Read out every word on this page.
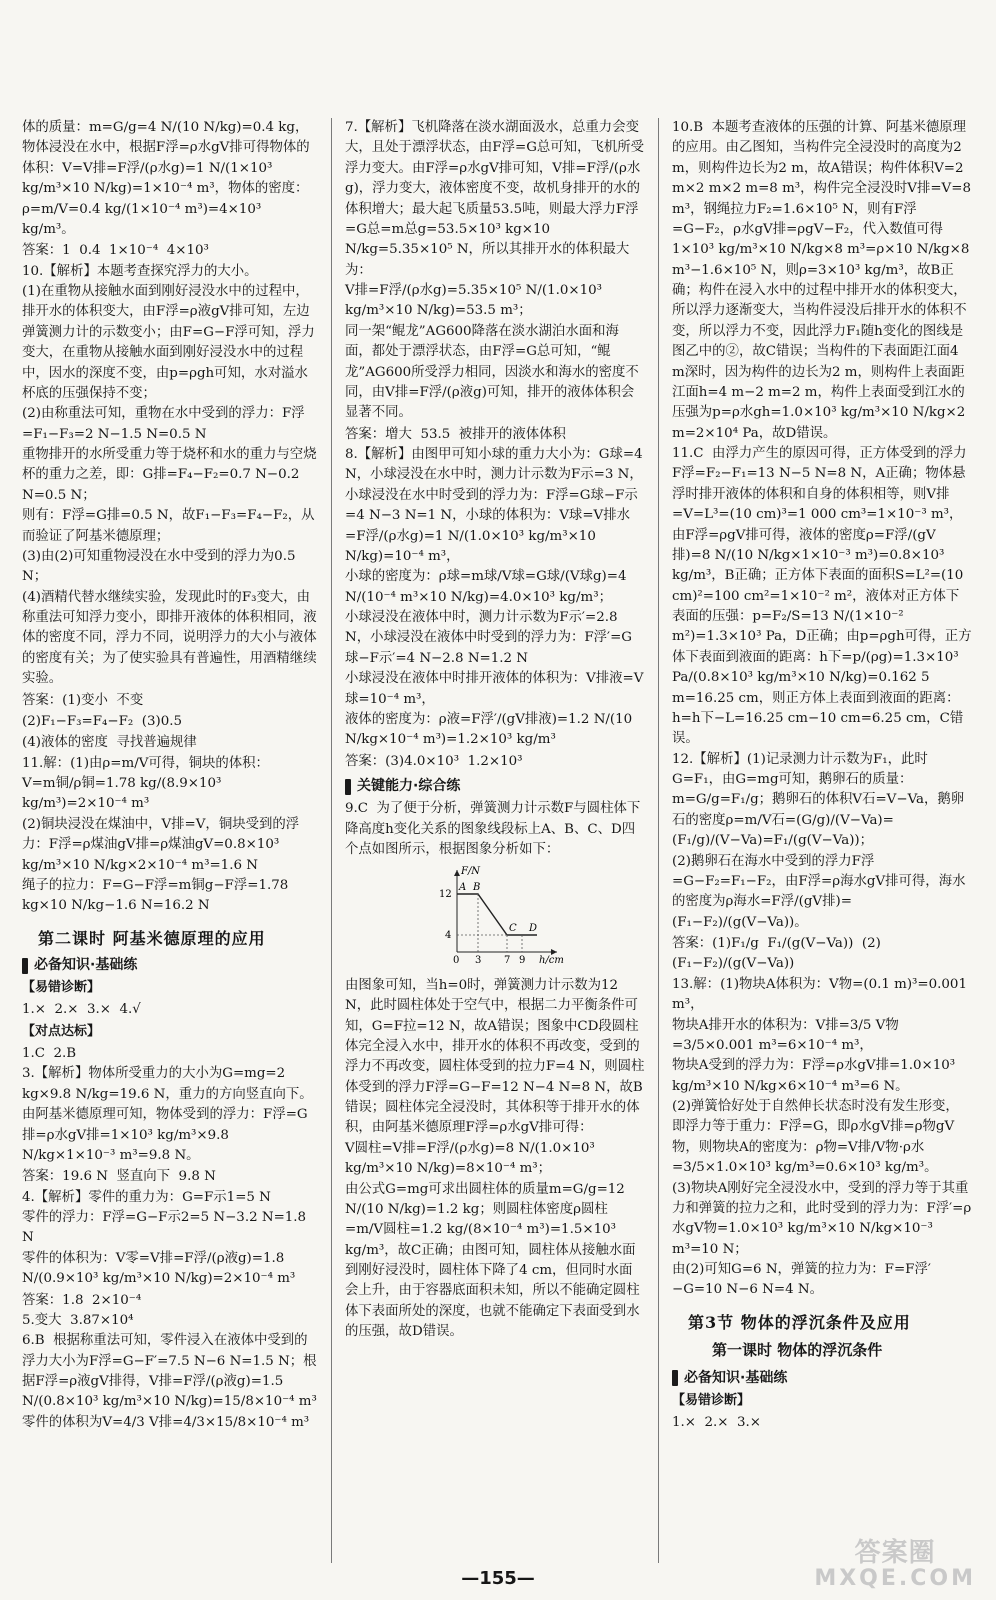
体的质量：m=G/g=4 N/(10 N/kg)=0.4 kg，物体浸没在水中，根据F浮=ρ水gV排可得物体的体积：V=V排=F浮/(ρ水g)=1 N/(1×10³ kg/m³×10 N/kg)=1×10⁻⁴ m³，物体的密度：ρ=m/V=0.4 kg/(1×10⁻⁴ m³)=4×10³ kg/m³。

答案：1  0.4  1×10⁻⁴  4×10³

10.【解析】本题考查探究浮力的大小。

(1)在重物从接触水面到刚好浸没水中的过程中，排开水的体积变大，由F浮=ρ液gV排可知，左边弹簧测力计的示数变小；由F=G−F浮可知，浮力变大，在重物从接触水面到刚好浸没水中的过程中，因水的深度不变，由p=ρgh可知，水对溢水杯底的压强保持不变；

(2)由称重法可知，重物在水中受到的浮力：F浮=F₁−F₃=2 N−1.5 N=0.5 N

重物排开的水所受重力等于烧杯和水的重力与空烧杯的重力之差，即：G排=F₄−F₂=0.7 N−0.2 N=0.5 N；

则有：F浮=G排=0.5 N，故F₁−F₃=F₄−F₂，从而验证了阿基米德原理；

(3)由(2)可知重物浸没在水中受到的浮力为0.5 N；

(4)酒精代替水继续实验，发现此时的F₃变大，由称重法可知浮力变小，即排开液体的体积相同，液体的密度不同，浮力不同，说明浮力的大小与液体的密度有关；为了使实验具有普遍性，用酒精继续实验。

答案：(1)变小  不变

(2)F₁−F₃=F₄−F₂  (3)0.5

(4)液体的密度  寻找普遍规律

11.解：(1)由ρ=m/V可得，铜块的体积：

V=m铜/ρ铜=1.78 kg/(8.9×10³ kg/m³)=2×10⁻⁴ m³

(2)铜块浸没在煤油中，V排=V，铜块受到的浮力：F浮=ρ煤油gV排=ρ煤油gV=0.8×10³ kg/m³×10 N/kg×2×10⁻⁴ m³=1.6 N

绳子的拉力：F=G−F浮=m铜g−F浮=1.78 kg×10 N/kg−1.6 N=16.2 N

第二课时 阿基米德原理的应用
必备知识·基础练
【易错诊断】

1.×  2.×  3.×  4.√

【对点达标】

1.C  2.B

3.【解析】物体所受重力的大小为G=mg=2 kg×9.8 N/kg=19.6 N，重力的方向竖直向下。由阿基米德原理可知，物体受到的浮力：F浮=G排=ρ水gV排=1×10³ kg/m³×9.8 N/kg×1×10⁻³ m³=9.8 N。

答案：19.6 N  竖直向下  9.8 N

4.【解析】零件的重力为：G=F示1=5 N

零件的浮力：F浮=G−F示2=5 N−3.2 N=1.8 N

零件的体积为：V零=V排=F浮/(ρ液g)=1.8 N/(0.9×10³ kg/m³×10 N/kg)=2×10⁻⁴ m³

答案：1.8  2×10⁻⁴

5.变大  3.87×10⁴

6.B  根据称重法可知，零件浸入在液体中受到的浮力大小为F浮=G−F′=7.5 N−6 N=1.5 N；根据F浮=ρ液gV排得，V排=F浮/(ρ液g)=1.5 N/(0.8×10³ kg/m³×10 N/kg)=15/8×10⁻⁴ m³

零件的体积为V=4/3 V排=4/3×15/8×10⁻⁴ m³

7.【解析】飞机降落在淡水湖面汲水，总重力会变大，且处于漂浮状态，由F浮=G总可知，飞机所受浮力变大。由F浮=ρ水gV排可知，V排=F浮/(ρ水g)，浮力变大，液体密度不变，故机身排开的水的体积增大；最大起飞质量53.5吨，则最大浮力F浮=G总=m总g=53.5×10³ kg×10 N/kg=5.35×10⁵ N，所以其排开水的体积最大为：

V排=F浮/(ρ水g)=5.35×10⁵ N/(1.0×10³ kg/m³×10 N/kg)=53.5 m³；

同一架“鲲龙”AG600降落在淡水湖泊水面和海面，都处于漂浮状态，由F浮=G总可知，“鲲龙”AG600所受浮力相同，因淡水和海水的密度不同，由V排=F浮/(ρ液g)可知，排开的液体体积会显著不同。

答案：增大  53.5  被排开的液体体积

8.【解析】由图甲可知小球的重力大小为：G球=4 N，小球浸没在水中时，测力计示数为F示=3 N，

小球浸没在水中时受到的浮力为：F浮=G球−F示=4 N−3 N=1 N，小球的体积为：V球=V排水=F浮/(ρ水g)=1 N/(1.0×10³ kg/m³×10 N/kg)=10⁻⁴ m³，

小球的密度为：ρ球=m球/V球=G球/(V球g)=4 N/(10⁻⁴ m³×10 N/kg)=4.0×10³ kg/m³；

小球浸没在液体中时，测力计示数为F示′=2.8 N，小球浸没在液体中时受到的浮力为：F浮′=G球−F示′=4 N−2.8 N=1.2 N

小球浸没在液体中时排开液体的体积为：V排液=V球=10⁻⁴ m³，

液体的密度为：ρ液=F浮′/(gV排液)=1.2 N/(10 N/kg×10⁻⁴ m³)=1.2×10³ kg/m³

答案：(3)4.0×10³  1.2×10³

关键能力·综合练

9.C  为了便于分析，弹簧测力计示数F与圆柱体下降高度h变化关系的图象线段标上A、B、C、D四个点如图所示，根据图象分析如下：

F/N
h/cm
12
4
0 3 7 9
A B
C D

由图象可知，当h=0时，弹簧测力计示数为12 N，此时圆柱体处于空气中，根据二力平衡条件可知，G=F拉=12 N，故A错误；图象中CD段圆柱体完全浸入水中，排开水的体积不再改变，受到的浮力不再改变，圆柱体受到的拉力F=4 N，则圆柱体受到的浮力F浮=G−F=12 N−4 N=8 N，故B错误；圆柱体完全浸没时，其体积等于排开水的体积，由阿基米德原理F浮=ρ水gV排可得：

V圆柱=V排=F浮/(ρ水g)=8 N/(1.0×10³ kg/m³×10 N/kg)=8×10⁻⁴ m³；

由公式G=mg可求出圆柱体的质量m=G/g=12 N/(10 N/kg)=1.2 kg；则圆柱体密度ρ圆柱=m/V圆柱=1.2 kg/(8×10⁻⁴ m³)=1.5×10³ kg/m³，故C正确；由图可知，圆柱体从接触水面到刚好浸没时，圆柱体下降了4 cm，但同时水面会上升，由于容器底面积未知，所以不能确定圆柱体下表面所处的深度，也就不能确定下表面受到水的压强，故D错误。

10.B  本题考查液体的压强的计算、阿基米德原理的应用。由乙图知，当构件完全浸没时的高度为2 m，则构件边长为2 m，故A错误；构件体积V=2 m×2 m×2 m=8 m³，构件完全浸没时V排=V=8 m³，钢绳拉力F₂=1.6×10⁵ N，则有F浮=G−F₂，ρ水gV排=ρgV−F₂，代入数值可得1×10³ kg/m³×10 N/kg×8 m³=ρ×10 N/kg×8 m³−1.6×10⁵ N，则ρ=3×10³ kg/m³，故B正确；构件在浸入水中的过程中排开水的体积变大，所以浮力逐渐变大，当构件浸没后排开水的体积不变，所以浮力不变，因此浮力F₁随h变化的图线是图乙中的②，故C错误；当构件的下表面距江面4 m深时，因为构件的边长为2 m，则构件上表面距江面h=4 m−2 m=2 m，构件上表面受到江水的压强为p=ρ水gh=1.0×10³ kg/m³×10 N/kg×2 m=2×10⁴ Pa，故D错误。

11.C  由浮力产生的原因可得，正方体受到的浮力F浮=F₂−F₁=13 N−5 N=8 N，A正确；物体悬浮时排开液体的体积和自身的体积相等，则V排=V=L³=(10 cm)³=1 000 cm³=1×10⁻³ m³，由F浮=ρgV排可得，液体的密度ρ=F浮/(gV排)=8 N/(10 N/kg×1×10⁻³ m³)=0.8×10³ kg/m³，B正确；正方体下表面的面积S=L²=(10 cm)²=100 cm²=1×10⁻² m²，液体对正方体下表面的压强：p=F₂/S=13 N/(1×10⁻² m²)=1.3×10³ Pa，D正确；由p=ρgh可得，正方体下表面到液面的距离：h下=p/(ρg)=1.3×10³ Pa/(0.8×10³ kg/m³×10 N/kg)=0.162 5 m=16.25 cm，则正方体上表面到液面的距离：h=h下−L=16.25 cm−10 cm=6.25 cm，C错误。

12.【解析】(1)记录测力计示数为F₁，此时G=F₁，由G=mg可知，鹅卵石的质量：m=G/g=F₁/g；鹅卵石的体积V石=V−Va，鹅卵石的密度ρ=m/V石=(G/g)/(V−Va)=(F₁/g)/(V−Va)=F₁/(g(V−Va))；

(2)鹅卵石在海水中受到的浮力F浮=G−F₂=F₁−F₂，由F浮=ρ海水gV排可得，海水的密度为ρ海水=F浮/(gV排)=(F₁−F₂)/(g(V−Va))。

答案：(1)F₁/g  F₁/(g(V−Va))  (2)(F₁−F₂)/(g(V−Va))

13.解：(1)物块A体积为：V物=(0.1 m)³=0.001 m³，

物块A排开水的体积为：V排=3/5 V物=3/5×0.001 m³=6×10⁻⁴ m³，

物块A受到的浮力为：F浮=ρ水gV排=1.0×10³ kg/m³×10 N/kg×6×10⁻⁴ m³=6 N。

(2)弹簧恰好处于自然伸长状态时没有发生形变，即浮力等于重力：F浮=G，即ρ水gV排=ρ物gV物，则物块A的密度为：ρ物=V排/V物·ρ水=3/5×1.0×10³ kg/m³=0.6×10³ kg/m³。

(3)物块A刚好完全浸没水中，受到的浮力等于其重力和弹簧的拉力之和，此时受到的浮力为：F浮′=ρ水gV物=1.0×10³ kg/m³×10 N/kg×10⁻³ m³=10 N；

由(2)可知G=6 N，弹簧的拉力为：F=F浮′−G=10 N−6 N=4 N。

第3节 物体的浮沉条件及应用
第一课时 物体的浮沉条件
必备知识·基础练
【易错诊断】

1.×  2.×  3.×

—155—
答案圈
MXQE.COM
